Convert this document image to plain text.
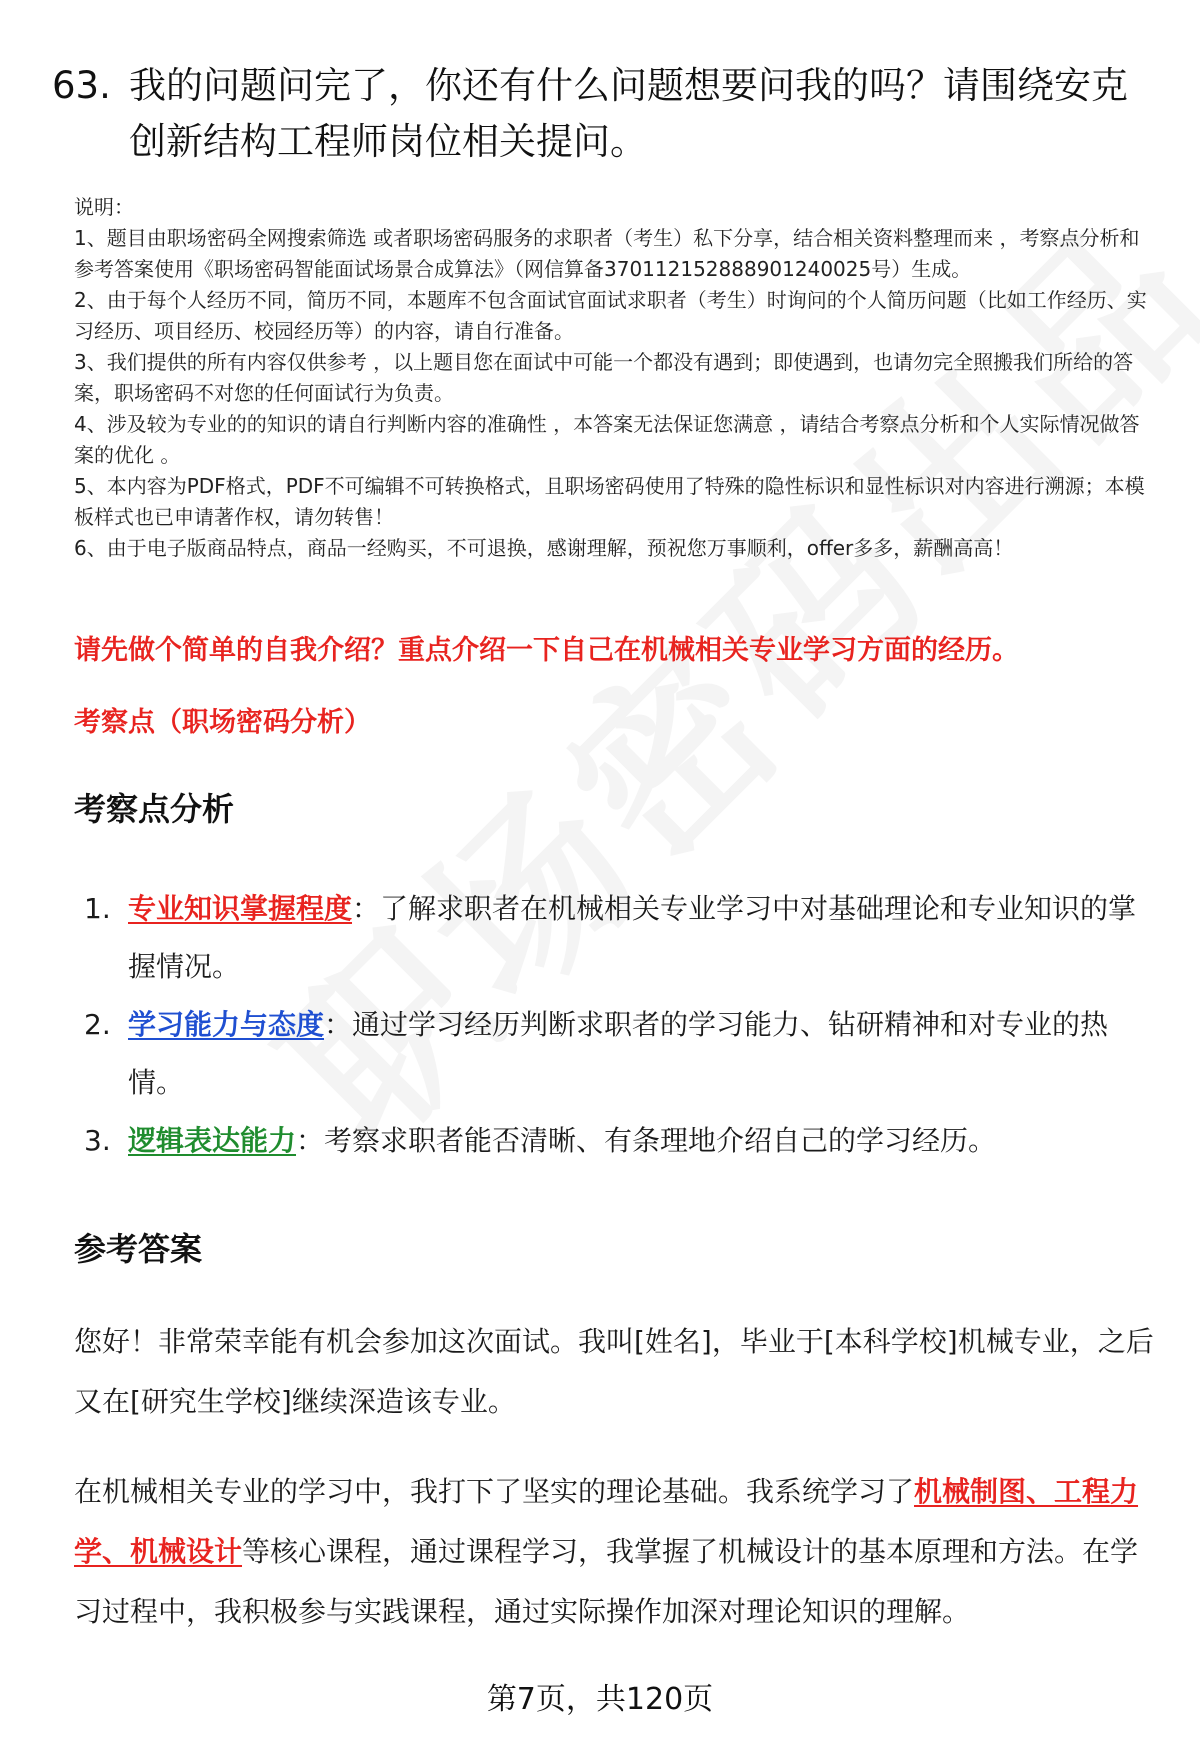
63. 我的问题问完了，你还有什么问题想要问我的吗？请围绕安克创新结构工程师岗位相关提问。

说明：

1、题目由职场密码全网搜索筛选 或者职场密码服务的求职者（考生）私下分享，结合相关资料整理而来 ，考察点分析和参考答案使用《职场密码智能面试场景合成算法》（网信算备370112152888901240025号）生成。

2、由于每个人经历不同，简历不同，本题库不包含面试官面试求职者（考生）时询问的个人简历问题（比如工作经历、实习经历、项目经历、校园经历等）的内容，请自行准备。

3、我们提供的所有内容仅供参考 ，以上题目您在面试中可能一个都没有遇到；即使遇到，也请勿完全照搬我们所给的答案，职场密码不对您的任何面试行为负责。

4、涉及较为专业的的知识的请自行判断内容的准确性 ，本答案无法保证您满意 ，请结合考察点分析和个人实际情况做答案的优化 。

5、本内容为PDF格式，PDF不可编辑不可转换格式，且职场密码使用了特殊的隐性标识和显性标识对内容进行溯源；本模板样式也已申请著作权，请勿转售！

6、由于电子版商品特点，商品一经购买，不可退换，感谢理解，预祝您万事顺利，offer多多，薪酬高高！

请先做个简单的自我介绍？重点介绍一下自己在机械相关专业学习方面的经历。

考察点（职场密码分析）

考察点分析
1. 专业知识掌握程度：了解求职者在机械相关专业学习中对基础理论和专业知识的掌握情况。
2. 学习能力与态度：通过学习经历判断求职者的学习能力、钻研精神和对专业的热情。
3. 逻辑表达能力：考察求职者能否清晰、有条理地介绍自己的学习经历。
参考答案

您好！非常荣幸能有机会参加这次面试。我叫[姓名]，毕业于[本科学校]机械专业，之后又在[研究生学校]继续深造该专业。

在机械相关专业的学习中，我打下了坚实的理论基础。我系统学习了机械制图、工程力学、机械设计等核心课程，通过课程学习，我掌握了机械设计的基本原理和方法。在学习过程中，我积极参与实践课程，通过实际操作加深对理论知识的理解。

第7页，共120页
